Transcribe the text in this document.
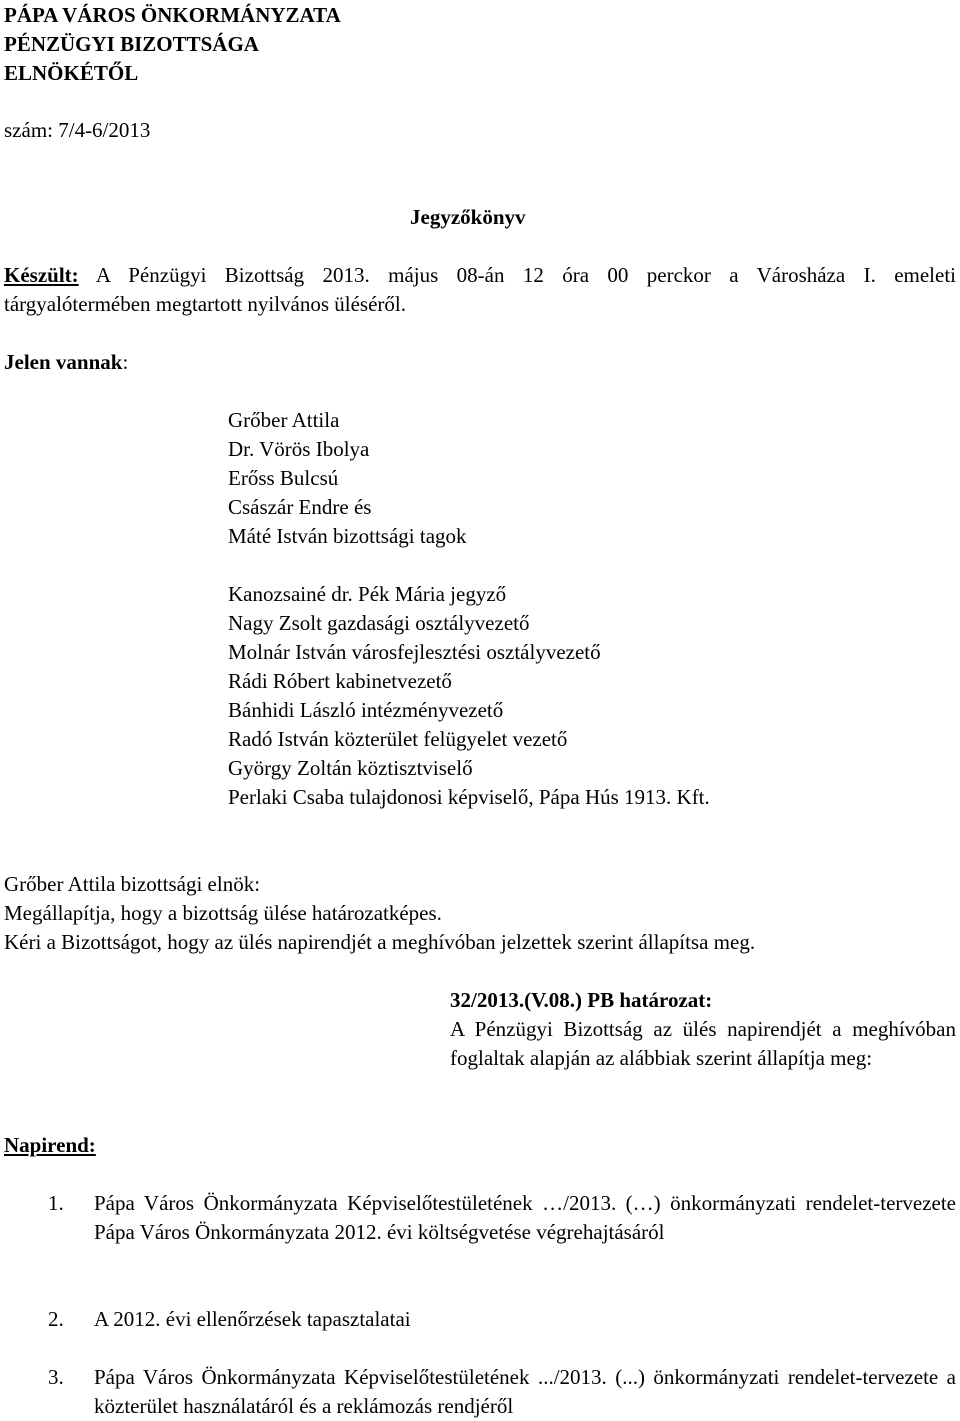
PÁPA VÁROS ÖNKORMÁNYZATA
PÉNZÜGYI BIZOTTSÁGA
ELNÖKÉTŐL
szám: 7/4-6/2013
Jegyzőkönyv
Készült: A Pénzügyi Bizottság 2013. május 08-án 12 óra 00 perckor a Városháza I. emeleti
tárgyalótermében megtartott nyilvános üléséről.
Jelen vannak:
Grőber Attila
Dr. Vörös Ibolya
Erőss Bulcsú
Császár Endre és
Máté István bizottsági tagok
Kanozsainé dr. Pék Mária jegyző
Nagy Zsolt gazdasági osztályvezető
Molnár István városfejlesztési osztályvezető
Rádi Róbert kabinetvezető
Bánhidi László intézményvezető
Radó István közterület felügyelet vezető
György Zoltán köztisztviselő
Perlaki Csaba tulajdonosi képviselő, Pápa Hús 1913. Kft.
Grőber Attila bizottsági elnök:
Megállapítja, hogy a bizottság ülése határozatképes.
Kéri a Bizottságot, hogy az ülés napirendjét a meghívóban jelzettek szerint állapítsa meg.
32/2013.(V.08.) PB határozat:
A Pénzügyi Bizottság az ülés napirendjét a meghívóban foglaltak alapján az alábbiak szerint állapítja meg:
Napirend:
1. Pápa Város Önkormányzata Képviselőtestületének …/2013. (…) önkormányzati rendelet-tervezete Pápa Város Önkormányzata 2012. évi költségvetése végrehajtásáról
2. A 2012. évi ellenőrzések tapasztalatai
3. Pápa Város Önkormányzata Képviselőtestületének .../2013. (...) önkormányzati rendelet-tervezete a közterület használatáról és a reklámozás rendjéről
